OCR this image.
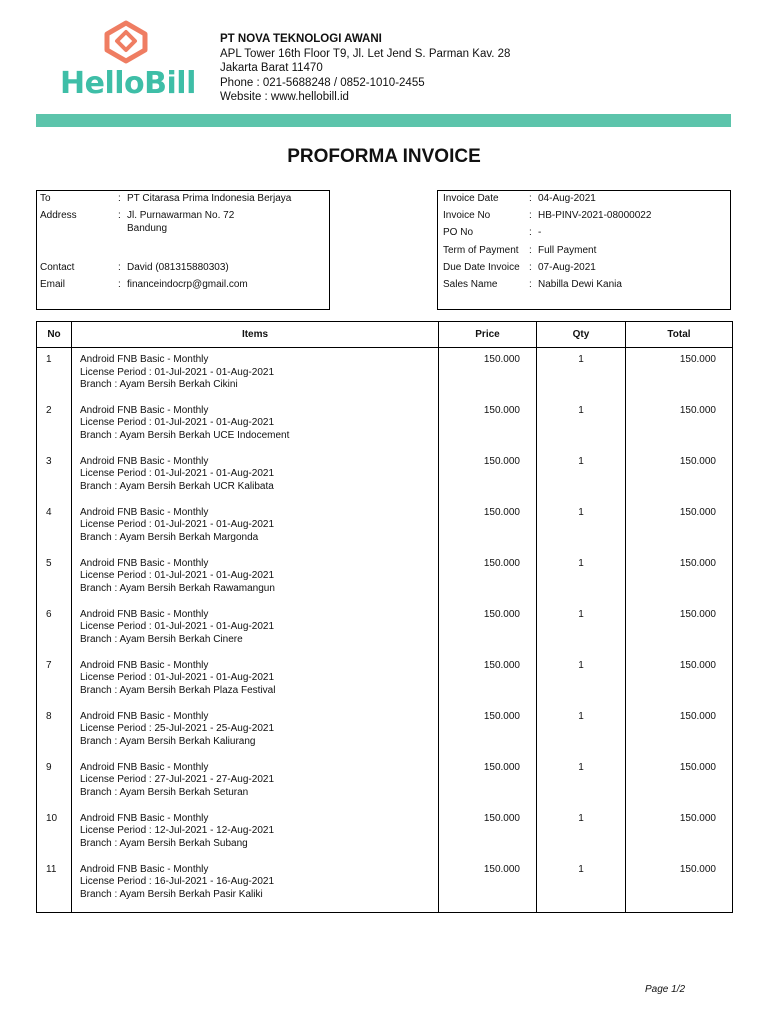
HelloBill
PT NOVA TEKNOLOGI AWANI
APL Tower 16th Floor T9, Jl. Let Jend S. Parman Kav. 28
Jakarta Barat 11470
Phone : 021-5688248 / 0852-1010-2455
Website : www.hellobill.id
PROFORMA INVOICE
To	: PT Citarasa Prima Indonesia Berjaya
Address	: Jl. Purnawarman No. 72
Bandung
Contact	: David (081315880303)
Email	: financeindocrp@gmail.com
Invoice Date	: 04-Aug-2021
Invoice No	: HB-PINV-2021-08000022
PO No	: -
Term of Payment : Full Payment
Due Date Invoice : 07-Aug-2021
Sales Name	: Nabilla Dewi Kania
No	Items	Price	Qty	Total
1	Android FNB Basic - Monthly
License Period : 01-Jul-2021 - 01-Aug-2021
Branch : Ayam Bersih Berkah Cikini	150.000	1	150.000
2	Android FNB Basic - Monthly
License Period : 01-Jul-2021 - 01-Aug-2021
Branch : Ayam Bersih Berkah UCE Indocement	150.000	1	150.000
3	Android FNB Basic - Monthly
License Period : 01-Jul-2021 - 01-Aug-2021
Branch : Ayam Bersih Berkah UCR Kalibata	150.000	1	150.000
4	Android FNB Basic - Monthly
License Period : 01-Jul-2021 - 01-Aug-2021
Branch : Ayam Bersih Berkah Margonda	150.000	1	150.000
5	Android FNB Basic - Monthly
License Period : 01-Jul-2021 - 01-Aug-2021
Branch : Ayam Bersih Berkah Rawamangun	150.000	1	150.000
6	Android FNB Basic - Monthly
License Period : 01-Jul-2021 - 01-Aug-2021
Branch : Ayam Bersih Berkah Cinere	150.000	1	150.000
7	Android FNB Basic - Monthly
License Period : 01-Jul-2021 - 01-Aug-2021
Branch : Ayam Bersih Berkah Plaza Festival	150.000	1	150.000
8	Android FNB Basic - Monthly
License Period : 25-Jul-2021 - 25-Aug-2021
Branch : Ayam Bersih Berkah Kaliurang	150.000	1	150.000
9	Android FNB Basic - Monthly
License Period : 27-Jul-2021 - 27-Aug-2021
Branch : Ayam Bersih Berkah Seturan	150.000	1	150.000
10	Android FNB Basic - Monthly
License Period : 12-Jul-2021 - 12-Aug-2021
Branch : Ayam Bersih Berkah Subang	150.000	1	150.000
11	Android FNB Basic - Monthly
License Period : 16-Jul-2021 - 16-Aug-2021
Branch : Ayam Bersih Berkah Pasir Kaliki	150.000	1	150.000
Page 1/2
